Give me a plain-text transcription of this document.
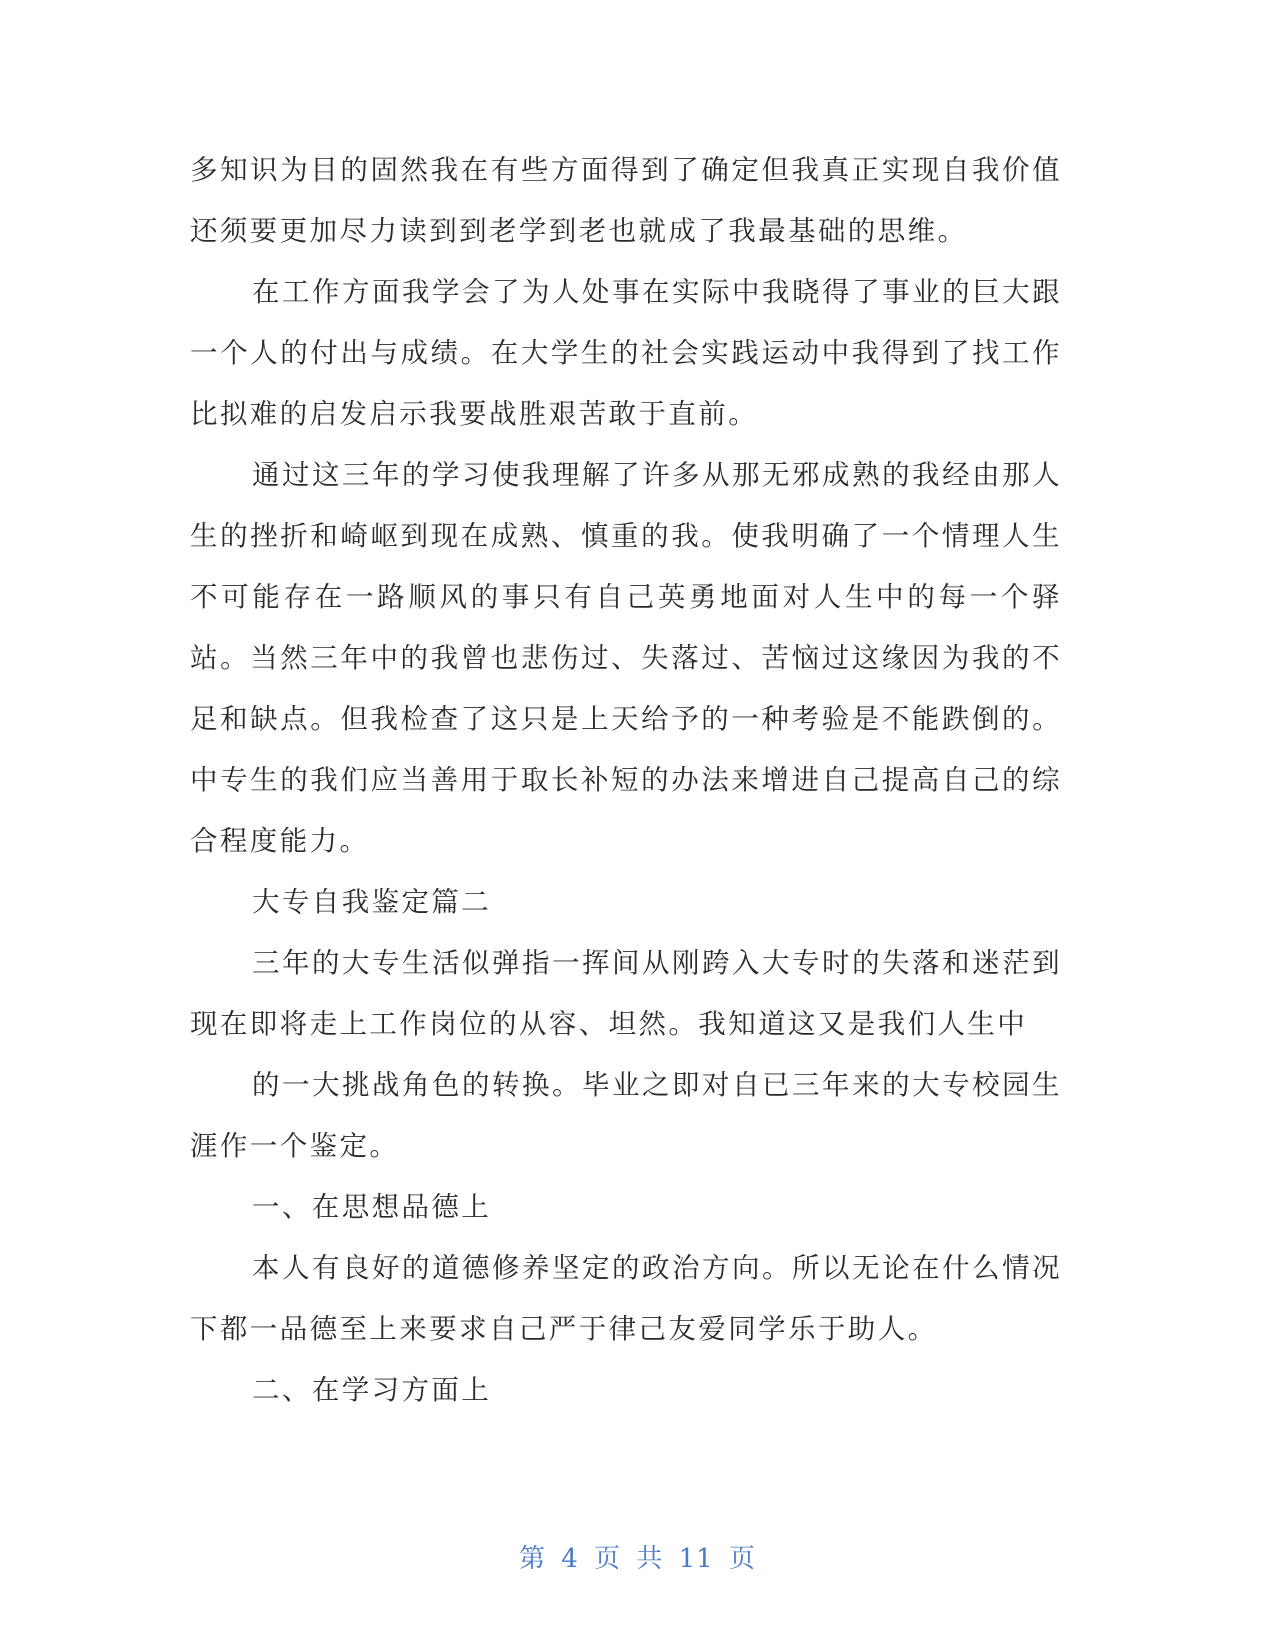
多知识为目的固然我在有些方面得到了确定但我真正实现自我价值还须要更加尽力读到到老学到老也就成了我最基础的思维。

在工作方面我学会了为人处事在实际中我晓得了事业的巨大跟一个人的付出与成绩。在大学生的社会实践运动中我得到了找工作比拟难的启发启示我要战胜艰苦敢于直前。

通过这三年的学习使我理解了许多从那无邪成熟的我经由那人生的挫折和崎岖到现在成熟、慎重的我。使我明确了一个情理人生不可能存在一路顺风的事只有自己英勇地面对人生中的每一个驿站。当然三年中的我曾也悲伤过、失落过、苦恼过这缘因为我的不足和缺点。但我检查了这只是上天给予的一种考验是不能跌倒的。中专生的我们应当善用于取长补短的办法来增进自己提高自己的综合程度能力。

大专自我鉴定篇二

三年的大专生活似弹指一挥间从刚跨入大专时的失落和迷茫到现在即将走上工作岗位的从容、坦然。我知道这又是我们人生中

的一大挑战角色的转换。毕业之即对自已三年来的大专校园生涯作一个鉴定。

一、在思想品德上

本人有良好的道德修养坚定的政治方向。所以无论在什么情况下都一品德至上来要求自己严于律己友爱同学乐于助人。

二、在学习方面上

第 4 页 共 11 页
